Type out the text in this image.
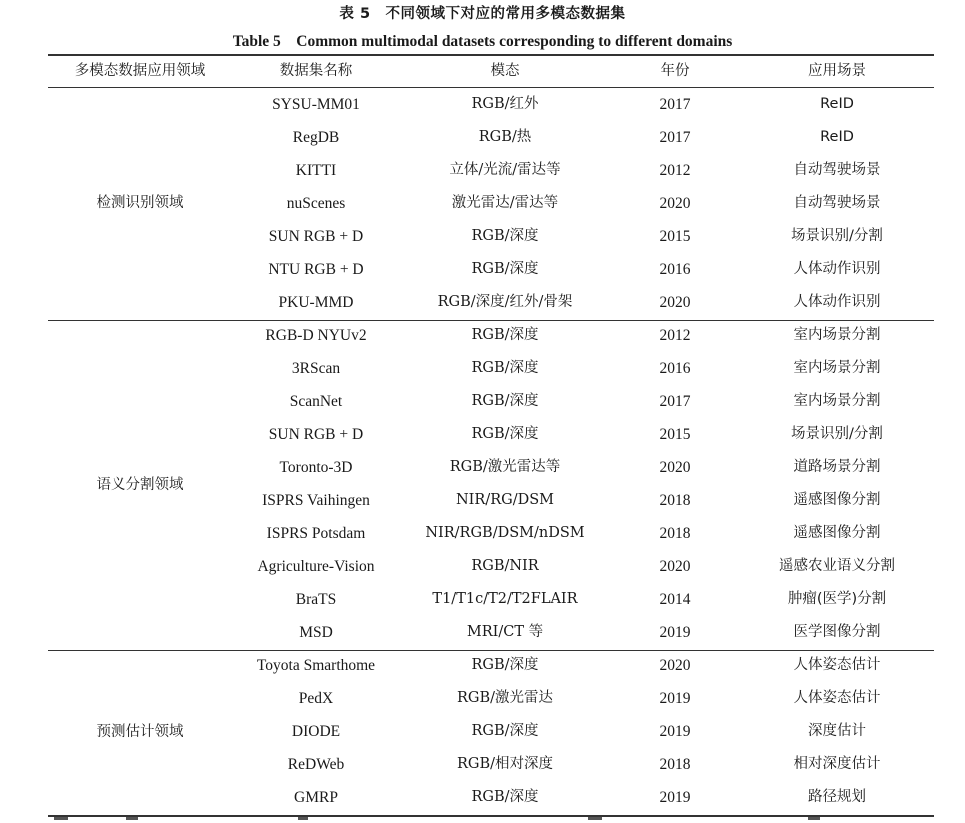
表 5　不同领域下对应的常用多模态数据集
Table 5　Common multimodal datasets corresponding to different domains
多模态数据应用领域	数据集名称	模态	年份	应用场景
检测识别领域
SYSU-MM01	RGB/红外	2017	ReID
RegDB	RGB/热	2017	ReID
KITTI	立体/光流/雷达等	2012	自动驾驶场景
nuScenes	激光雷达/雷达等	2020	自动驾驶场景
SUN RGB + D	RGB/深度	2015	场景识别/分割
NTU RGB + D	RGB/深度	2016	人体动作识别
PKU-MMD	RGB/深度/红外/骨架	2020	人体动作识别
语义分割领域
RGB-D NYUv2	RGB/深度	2012	室内场景分割
3RScan	RGB/深度	2016	室内场景分割
ScanNet	RGB/深度	2017	室内场景分割
SUN RGB + D	RGB/深度	2015	场景识别/分割
Toronto-3D	RGB/激光雷达等	2020	道路场景分割
ISPRS Vaihingen	NIR/RG/DSM	2018	遥感图像分割
ISPRS Potsdam	NIR/RGB/DSM/nDSM	2018	遥感图像分割
Agriculture-Vision	RGB/NIR	2020	遥感农业语义分割
BraTS	T1/T1c/T2/T2FLAIR	2014	肿瘤(医学)分割
MSD	MRI/CT 等	2019	医学图像分割
预测估计领域
Toyota Smarthome	RGB/深度	2020	人体姿态估计
PedX	RGB/激光雷达	2019	人体姿态估计
DIODE	RGB/深度	2019	深度估计
ReDWeb	RGB/相对深度	2018	相对深度估计
GMRP	RGB/深度	2019	路径规划
